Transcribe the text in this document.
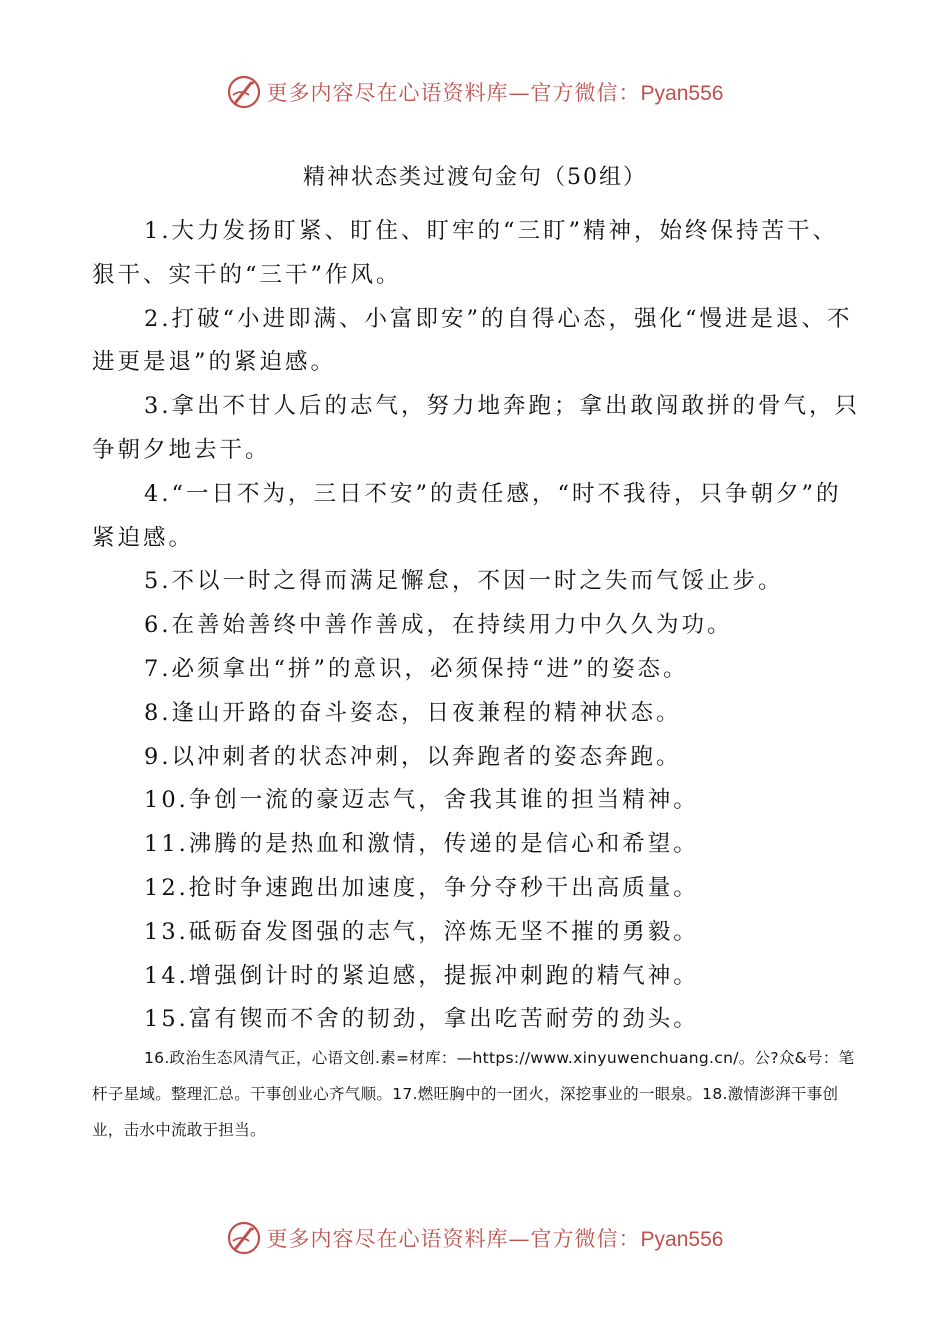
更多内容尽在心语资料库—官方微信：Pyan556
精神状态类过渡句金句（50组）

1.大力发扬盯紧、盯住、盯牢的“三盯”精神，始终保持苦干、狠干、实干的“三干”作风。

2.打破“小进即满、小富即安”的自得心态，强化“慢进是退、不进更是退”的紧迫感。

3.拿出不甘人后的志气，努力地奔跑；拿出敢闯敢拼的骨气，只争朝夕地去干。

4.“一日不为，三日不安”的责任感，“时不我待，只争朝夕”的紧迫感。

5.不以一时之得而满足懈怠，不因一时之失而气馁止步。

6.在善始善终中善作善成，在持续用力中久久为功。

7.必须拿出“拼”的意识，必须保持“进”的姿态。

8.逢山开路的奋斗姿态，日夜兼程的精神状态。

9.以冲刺者的状态冲刺，以奔跑者的姿态奔跑。

10.争创一流的豪迈志气，舍我其谁的担当精神。

11.沸腾的是热血和激情，传递的是信心和希望。

12.抢时争速跑出加速度，争分夺秒干出高质量。

13.砥砺奋发图强的志气，淬炼无坚不摧的勇毅。

14.增强倒计时的紧迫感，提振冲刺跑的精气神。

15.富有锲而不舍的韧劲，拿出吃苦耐劳的劲头。

16.政治生态风清气正，心语文创.素=材库：—https://www.xinyuwenchuang.cn/。公?众&号：笔杆子星域。整理汇总。干事创业心齐气顺。17.燃旺胸中的一团火，深挖事业的一眼泉。18.激情澎湃干事创业，击水中流敢于担当。

更多内容尽在心语资料库—官方微信：Pyan556
